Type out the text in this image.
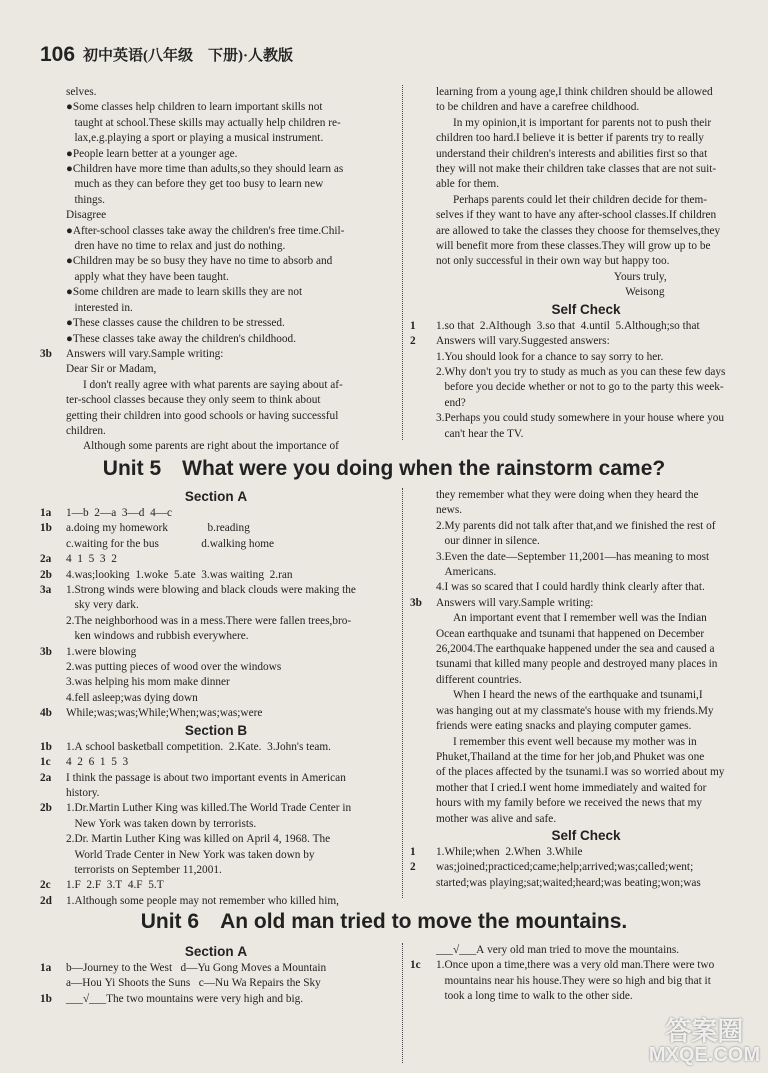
106 初中英语(八年级　下册)·人教版

selves.

●Some classes help children to learn important skills not

taught at school.These skills may actually help children re-

lax,e.g.playing a sport or playing a musical instrument.

●People learn better at a younger age.

●Children have more time than adults,so they should learn as

much as they can before they get too busy to learn new

things.

Disagree

●After-school classes take away the children's free time.Chil-

dren have no time to relax and just do nothing.

●Children may be so busy they have no time to absorb and

apply what they have been taught.

●Some children are made to learn skills they are not

interested in.

●These classes cause the children to be stressed.

●These classes take away the children's childhood.

3b Answers will vary.Sample writing:

Dear Sir or Madam,

I don't really agree with what parents are saying about af-

ter-school classes because they only seem to think about

getting their children into good schools or having successful

children.

Although some parents are right about the importance of

learning from a young age,I think children should be allowed

to be children and have a carefree childhood.

In my opinion,it is important for parents not to push their

children too hard.I believe it is better if parents try to really

understand their children's interests and abilities first so that

they will not make their children take classes that are not suit-

able for them.

Perhaps parents could let their children decide for them-

selves if they want to have any after-school classes.If children

are allowed to take the classes they choose for themselves,they

will benefit more from these classes.They will grow up to be

not only successful in their own way but happy too.

Yours truly,

Weisong

Self Check

1 1.so that  2.Although  3.so that  4.until  5.Although;so that

2 Answers will vary.Suggested answers:

1.You should look for a chance to say sorry to her.

2.Why don't you try to study as much as you can these few days

before you decide whether or not to go to the party this week-

end?

3.Perhaps you could study somewhere in your house where you

can't hear the TV.

Unit 5　What were you doing when the rainstorm came?

Section A

1a 1—b  2—a  3—d  4—c

1b a.doing my homework              b.reading

c.waiting for the bus               d.walking home

2a 4  1  5  3  2

2b 4.was;looking  1.woke  5.ate  3.was waiting  2.ran

3a 1.Strong winds were blowing and black clouds were making the

sky very dark.

2.The neighborhood was in a mess.There were fallen trees,bro-

ken windows and rubbish everywhere.

3b 1.were blowing

2.was putting pieces of wood over the windows

3.was helping his mom make dinner

4.fell asleep;was dying down

4b While;was;was;While;When;was;was;were

Section B

1b 1.A school basketball competition.  2.Kate.  3.John's team.

1c 4  2  6  1  5  3

2a I think the passage is about two important events in American

history.

2b 1.Dr.Martin Luther King was killed.The World Trade Center in

New York was taken down by terrorists.

2.Dr. Martin Luther King was killed on April 4, 1968. The

World Trade Center in New York was taken down by

terrorists on September 11,2001.

2c 1.F  2.F  3.T  4.F  5.T

2d 1.Although some people may not remember who killed him,

they remember what they were doing when they heard the

news.

2.My parents did not talk after that,and we finished the rest of

our dinner in silence.

3.Even the date—September 11,2001—has meaning to most

Americans.

4.I was so scared that I could hardly think clearly after that.

3b Answers will vary.Sample writing:

An important event that I remember well was the Indian

Ocean earthquake and tsunami that happened on December

26,2004.The earthquake happened under the sea and caused a

tsunami that killed many people and destroyed many places in

different countries.

When I heard the news of the earthquake and tsunami,I

was hanging out at my classmate's house with my friends.My

friends were eating snacks and playing computer games.

I remember this event well because my mother was in

Phuket,Thailand at the time for her job,and Phuket was one

of the places affected by the tsunami.I was so worried about my

mother that I cried.I went home immediately and waited for

hours with my family before we received the news that my

mother was alive and safe.

Self Check

1 1.While;when  2.When  3.While

2 was;joined;practiced;came;help;arrived;was;called;went;

started;was playing;sat;waited;heard;was beating;won;was

Unit 6　An old man tried to move the mountains.

Section A

1a b—Journey to the West   d—Yu Gong Moves a Mountain

a—Hou Yi Shoots the Suns   c—Nu Wa Repairs the Sky

1b ___√___The two mountains were very high and big.

___√___A very old man tried to move the mountains.

1c 1.Once upon a time,there was a very old man.There were two

mountains near his house.They were so high and big that it

took a long time to walk to the other side.

答案圈
MXQE.COM
